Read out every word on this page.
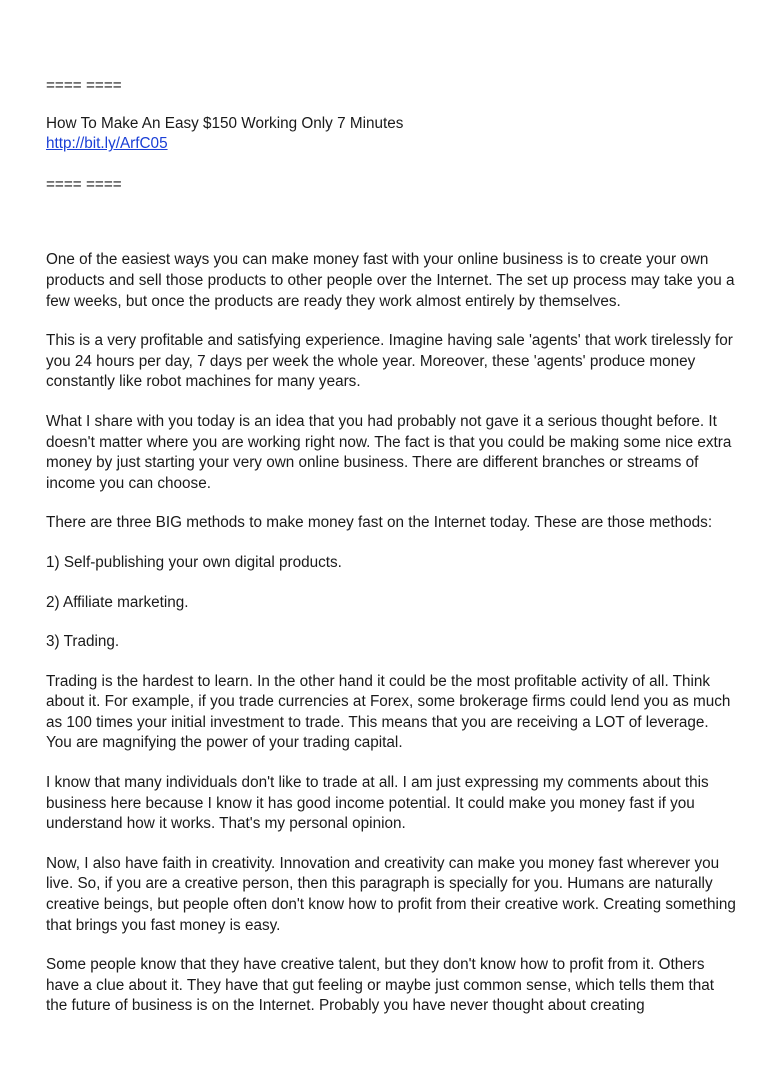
==== ====

How To Make An Easy $150 Working Only 7 Minutes
http://bit.ly/ArfC05

==== ====

One of the easiest ways you can make money fast with your online business is to create your own products and sell those products to other people over the Internet. The set up process may take you a few weeks, but once the products are ready they work almost entirely by themselves.

This is a very profitable and satisfying experience. Imagine having sale 'agents' that work tirelessly for you 24 hours per day, 7 days per week the whole year. Moreover, these 'agents' produce money constantly like robot machines for many years.

What I share with you today is an idea that you had probably not gave it a serious thought before. It doesn't matter where you are working right now. The fact is that you could be making some nice extra money by just starting your very own online business. There are different branches or streams of income you can choose.

There are three BIG methods to make money fast on the Internet today. These are those methods:

1) Self-publishing your own digital products.

2) Affiliate marketing.

3) Trading.

Trading is the hardest to learn. In the other hand it could be the most profitable activity of all. Think about it. For example, if you trade currencies at Forex, some brokerage firms could lend you as much as 100 times your initial investment to trade. This means that you are receiving a LOT of leverage. You are magnifying the power of your trading capital.

I know that many individuals don't like to trade at all. I am just expressing my comments about this business here because I know it has good income potential. It could make you money fast if you understand how it works. That's my personal opinion.

Now, I also have faith in creativity. Innovation and creativity can make you money fast wherever you live. So, if you are a creative person, then this paragraph is specially for you. Humans are naturally creative beings, but people often don't know how to profit from their creative work. Creating something that brings you fast money is easy.

Some people know that they have creative talent, but they don't know how to profit from it. Others have a clue about it. They have that gut feeling or maybe just common sense, which tells them that the future of business is on the Internet. Probably you have never thought about creating
